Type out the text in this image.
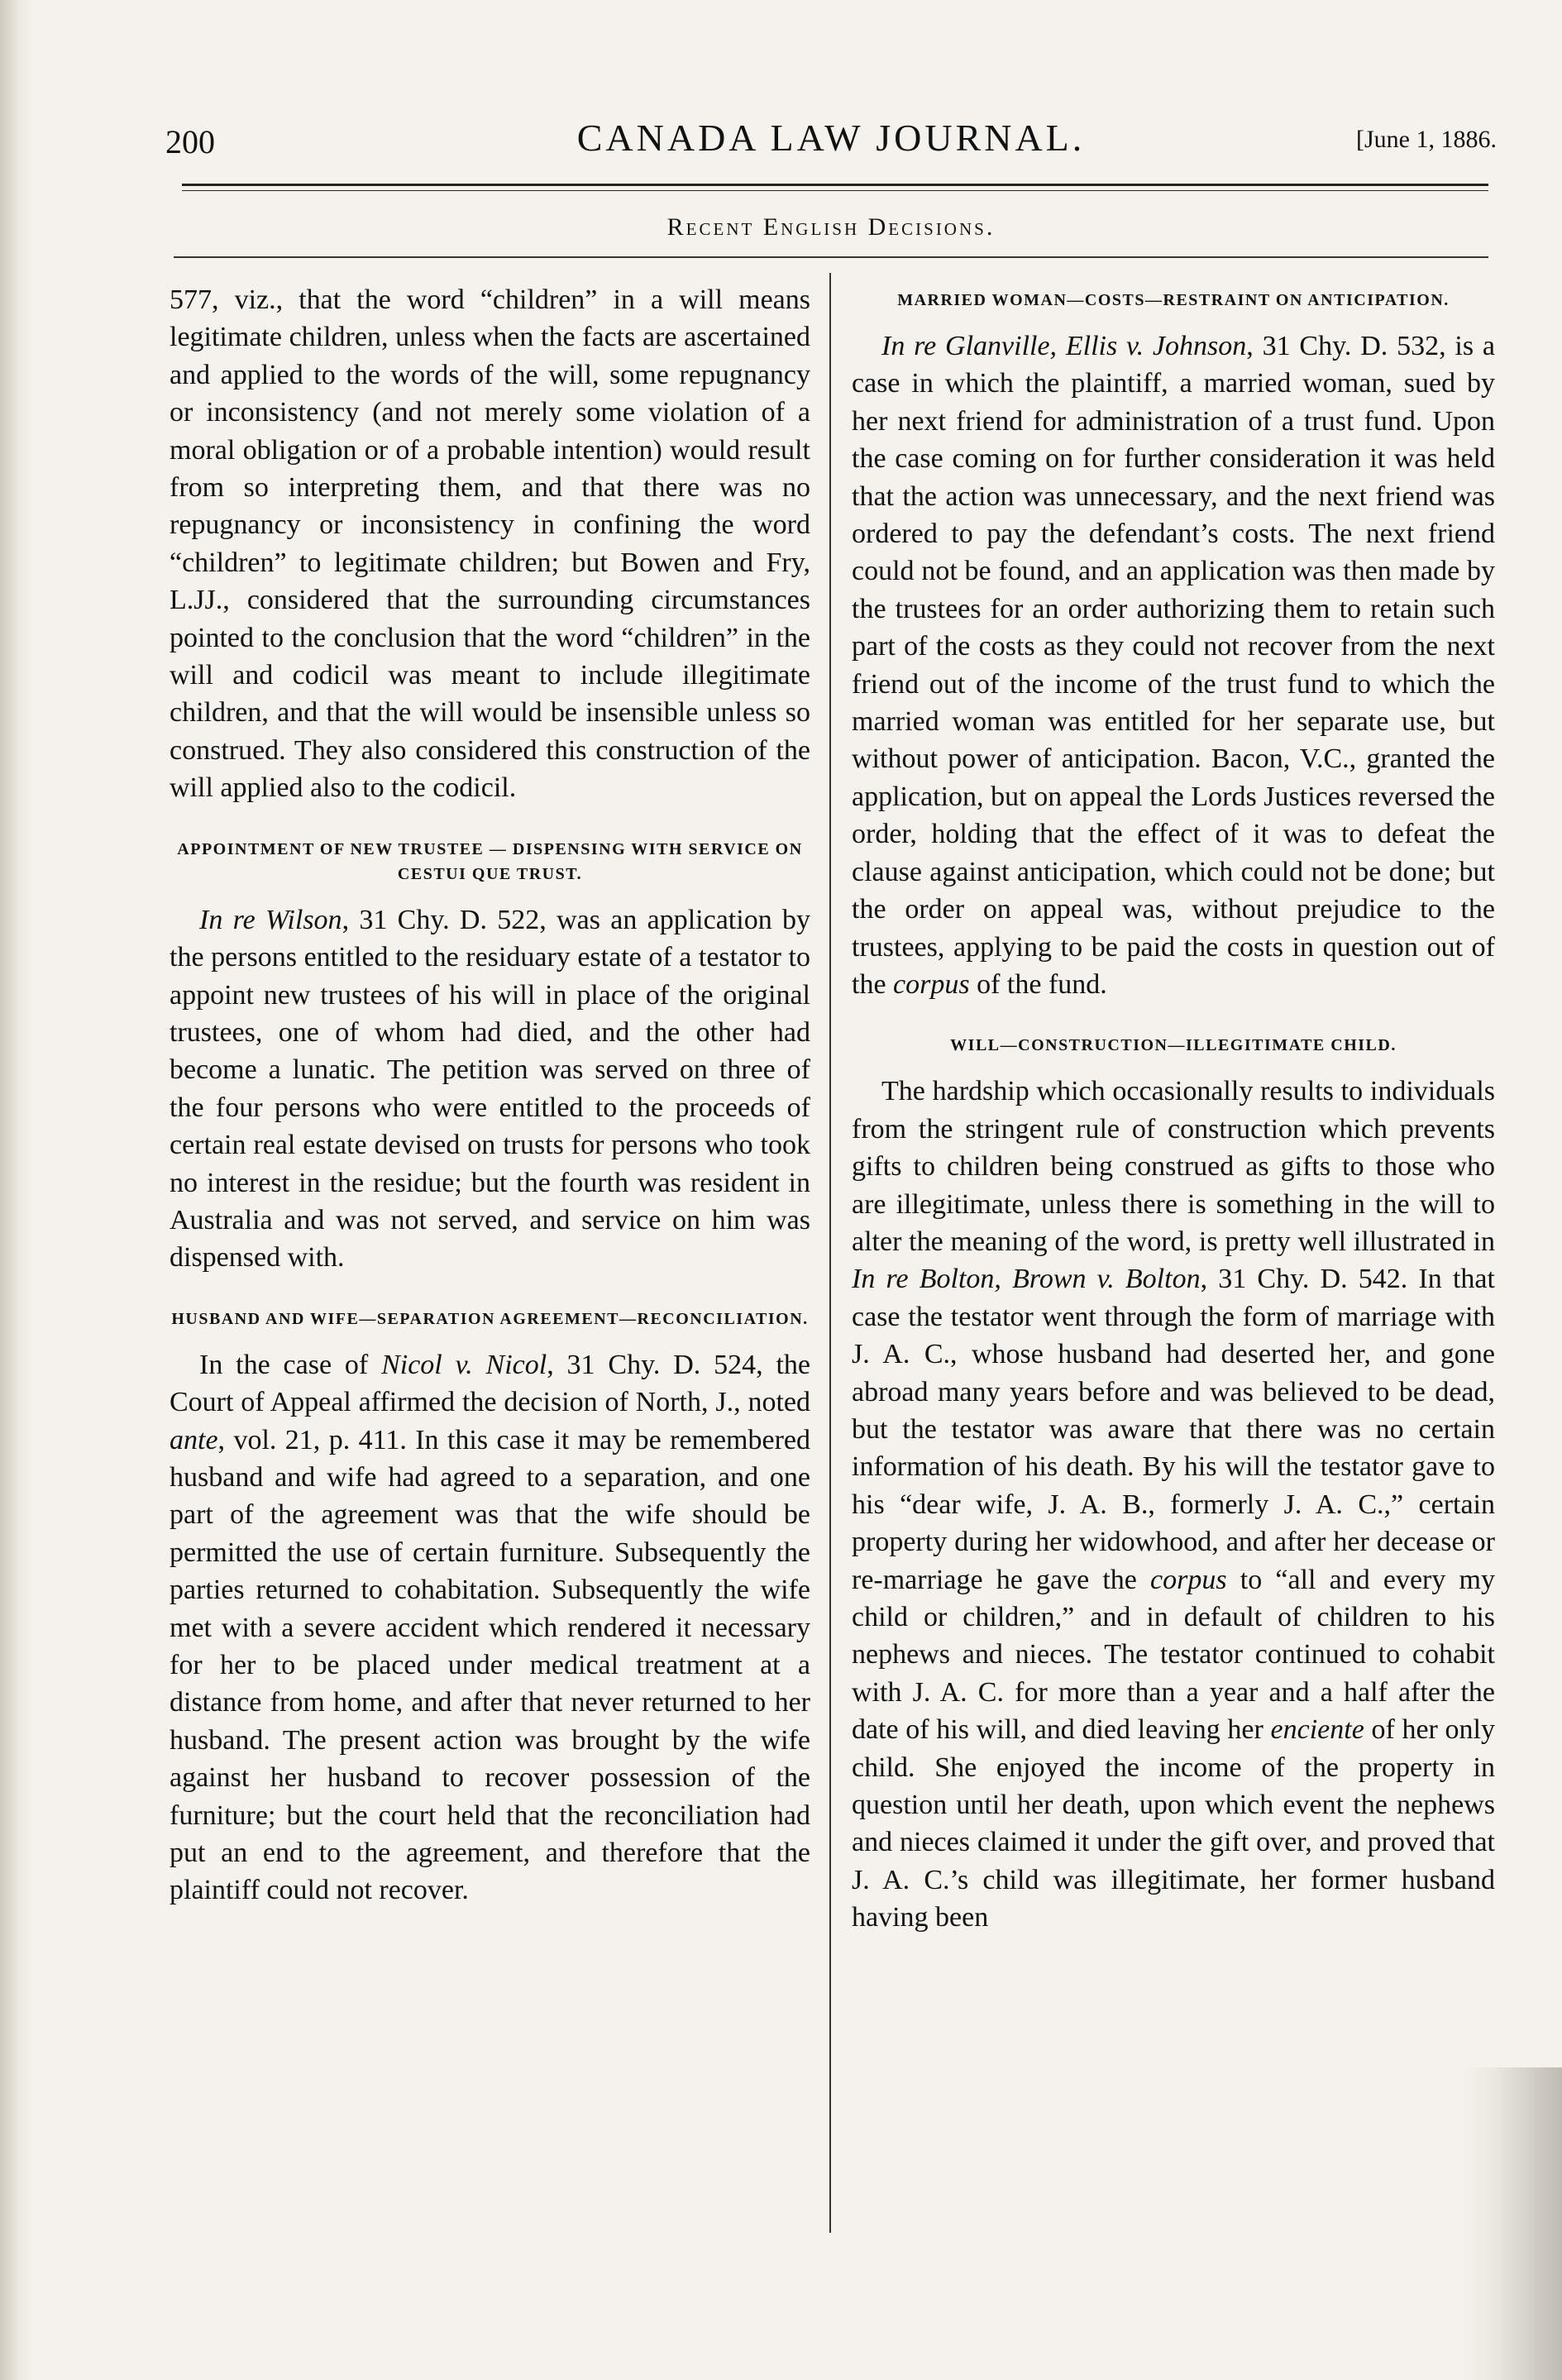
200	CANADA LAW JOURNAL.	[June 1, 1886.
Recent English Decisions.

577, viz., that the word “children” in a will means legitimate children, unless when the facts are ascertained and applied to the words of the will, some repugnancy or inconsistency (and not merely some violation of a moral obligation or of a probable intention) would result from so interpreting them, and that there was no repugnancy or inconsistency in confining the word “children” to legitimate children; but Bowen and Fry, L.JJ., considered that the surrounding circumstances pointed to the conclusion that the word “children” in the will and codicil was meant to include illegitimate children, and that the will would be insensible unless so construed. They also considered this construction of the will applied also to the codicil.

APPOINTMENT OF NEW TRUSTEE — DISPENSING WITH SERVICE ON CESTUI QUE TRUST.

In re Wilson, 31 Chy. D. 522, was an application by the persons entitled to the residuary estate of a testator to appoint new trustees of his will in place of the original trustees, one of whom had died, and the other had become a lunatic. The petition was served on three of the four persons who were entitled to the proceeds of certain real estate devised on trusts for persons who took no interest in the residue; but the fourth was resident in Australia and was not served, and service on him was dispensed with.

HUSBAND AND WIFE—SEPARATION AGREEMENT—RECONCILIATION.

In the case of Nicol v. Nicol, 31 Chy. D. 524, the Court of Appeal affirmed the decision of North, J., noted ante, vol. 21, p. 411. In this case it may be remembered husband and wife had agreed to a separation, and one part of the agreement was that the wife should be permitted the use of certain furniture. Subsequently the parties returned to cohabitation. Subsequently the wife met with a severe accident which rendered it necessary for her to be placed under medical treatment at a distance from home, and after that never returned to her husband. The present action was brought by the wife against her husband to recover possession of the furniture; but the court held that the reconciliation had put an end to the agreement, and therefore that the plaintiff could not recover.

MARRIED WOMAN—COSTS—RESTRAINT ON ANTICIPATION.

In re Glanville, Ellis v. Johnson, 31 Chy. D. 532, is a case in which the plaintiff, a married woman, sued by her next friend for administration of a trust fund. Upon the case coming on for further consideration it was held that the action was unnecessary, and the next friend was ordered to pay the defendant’s costs. The next friend could not be found, and an application was then made by the trustees for an order authorizing them to retain such part of the costs as they could not recover from the next friend out of the income of the trust fund to which the married woman was entitled for her separate use, but without power of anticipation. Bacon, V.C., granted the application, but on appeal the Lords Justices reversed the order, holding that the effect of it was to defeat the clause against anticipation, which could not be done; but the order on appeal was, without prejudice to the trustees, applying to be paid the costs in question out of the corpus of the fund.

WILL—CONSTRUCTION—ILLEGITIMATE CHILD.

The hardship which occasionally results to individuals from the stringent rule of construction which prevents gifts to children being construed as gifts to those who are illegitimate, unless there is something in the will to alter the meaning of the word, is pretty well illustrated in In re Bolton, Brown v. Bolton, 31 Chy. D. 542. In that case the testator went through the form of marriage with J. A. C., whose husband had deserted her, and gone abroad many years before and was believed to be dead, but the testator was aware that there was no certain information of his death. By his will the testator gave to his “dear wife, J. A. B., formerly J. A. C.,” certain property during her widowhood, and after her decease or re-marriage he gave the corpus to “all and every my child or children,” and in default of children to his nephews and nieces. The testator continued to cohabit with J. A. C. for more than a year and a half after the date of his will, and died leaving her enciente of her only child. She enjoyed the income of the property in question until her death, upon which event the nephews and nieces claimed it under the gift over, and proved that J. A. C.’s child was illegitimate, her former husband having been
